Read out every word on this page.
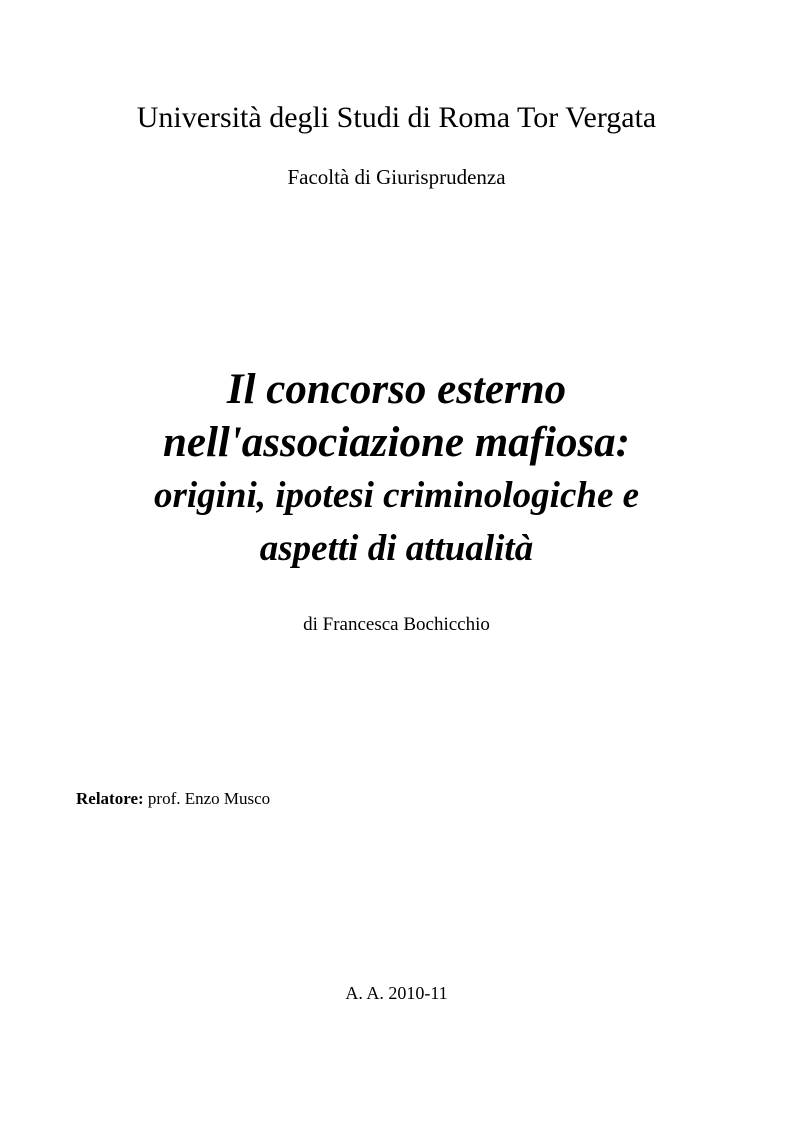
Università degli Studi di Roma Tor Vergata
Facoltà di Giurisprudenza
Il concorso esterno
nell'associazione mafiosa:
origini, ipotesi criminologiche e
aspetti di attualità
di Francesca Bochicchio
Relatore: prof. Enzo Musco
A. A. 2010-11
